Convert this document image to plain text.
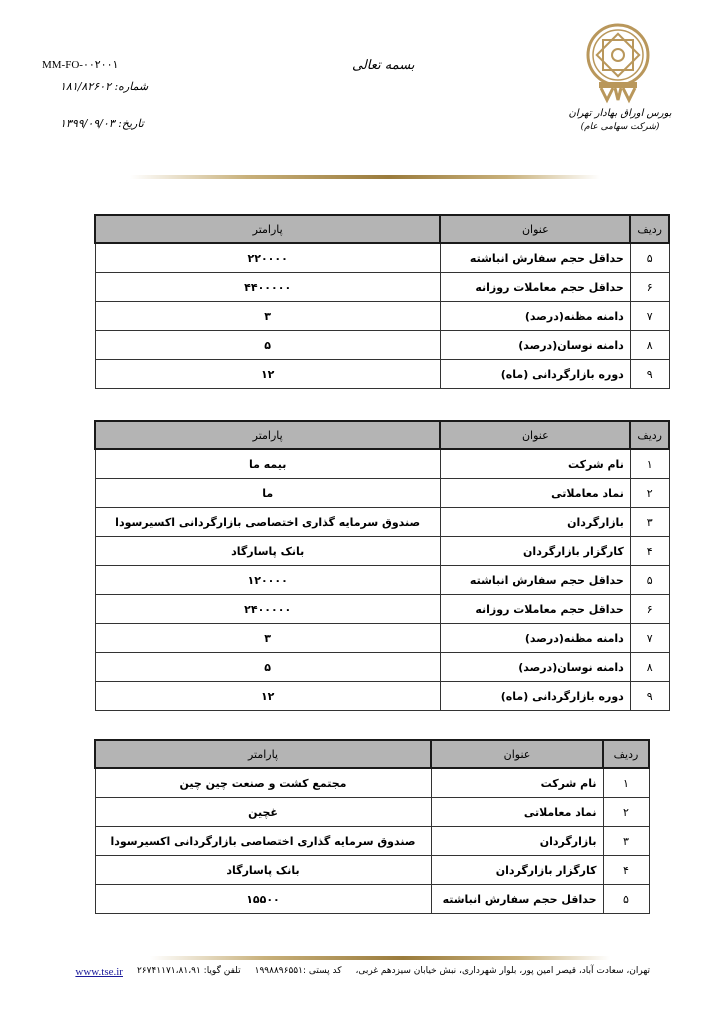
MM-FO-۰۰۲۰۰۱
شماره: ۱۸۱/۸۲۶۰۲
تاریخ: ۱۳۹۹/۰۹/۰۳
بسمه تعالی
بورس اوراق بهادار تهران
(شرکت سهامی عام)
ردیف	عنوان	پارامتر
۵	حداقل حجم سفارش انباشته	۲۲۰۰۰۰
۶	حداقل حجم معاملات روزانه	۴۴۰۰۰۰۰
۷	دامنه مظنه(درصد)	۳
۸	دامنه نوسان(درصد)	۵
۹	دوره بازارگردانی (ماه)	۱۲
ردیف	عنوان	پارامتر
۱	نام شرکت	بیمه ما
۲	نماد معاملاتی	ما
۳	بازارگردان	صندوق سرمایه گذاری اختصاصی بازارگردانی اکسیرسودا
۴	کارگزار بازارگردان	بانک پاسارگاد
۵	حداقل حجم سفارش انباشته	۱۲۰۰۰۰
۶	حداقل حجم معاملات روزانه	۲۴۰۰۰۰۰
۷	دامنه مظنه(درصد)	۳
۸	دامنه نوسان(درصد)	۵
۹	دوره بازارگردانی (ماه)	۱۲
ردیف	عنوان	پارامتر
۱	نام شرکت	مجتمع کشت و صنعت چین چین
۲	نماد معاملاتی	غچین
۳	بازارگردان	صندوق سرمایه گذاری اختصاصی بازارگردانی اکسیرسودا
۴	کارگزار بازارگردان	بانک پاسارگاد
۵	حداقل حجم سفارش انباشته	۱۵۵۰۰
تهران، سعادت آباد، قیصر امین پور، بلوار شهرداری، نبش خیابان سیزدهم غربی،
کد پستی :۱۹۹۸۸۹۶۵۵۱
تلفن گویا: ۲۶۷۴۱۱۷۱،۸۱،۹۱
www.tse.ir
